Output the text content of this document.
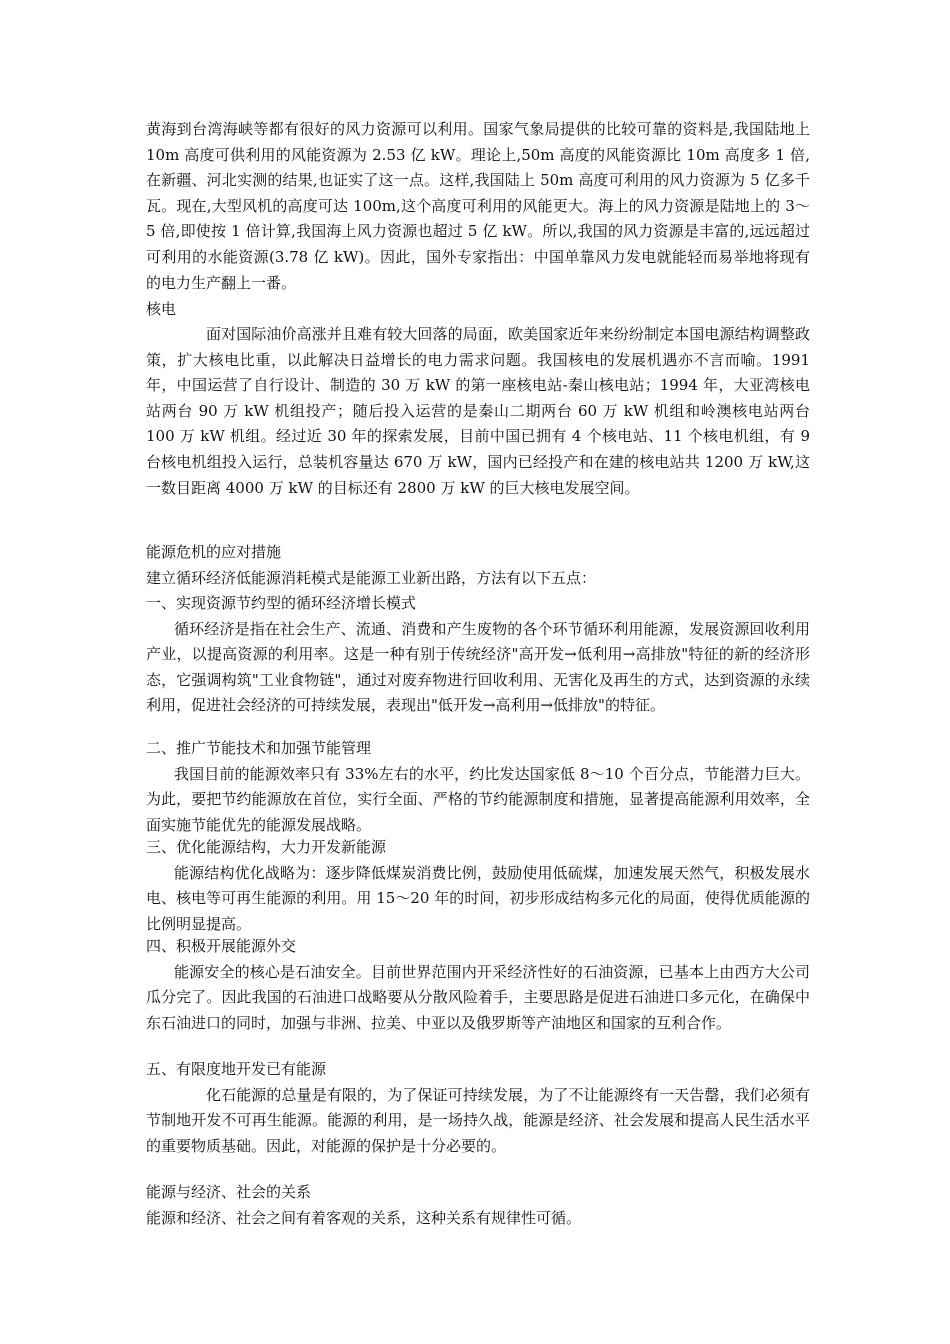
黄海到台湾海峡等都有很好的风力资源可以利用。国家气象局提供的比较可靠的资料是,我国陆地上 10m 高度可供利用的风能资源为 2.53 亿 kW。理论上,50m 高度的风能资源比 10m 高度多 1 倍,在新疆、河北实测的结果,也证实了这一点。这样,我国陆上 50m 高度可利用的风力资源为 5 亿多千瓦。现在,大型风机的高度可达 100m,这个高度可利用的风能更大。海上的风力资源是陆地上的 3～5 倍,即使按 1 倍计算,我国海上风力资源也超过 5 亿 kW。所以,我国的风力资源是丰富的,远远超过可利用的水能资源(3.78 亿 kW)。因此，国外专家指出：中国单靠风力发电就能轻而易举地将现有的电力生产翻上一番。

核电

面对国际油价高涨并且难有较大回落的局面，欧美国家近年来纷纷制定本国电源结构调整政策，扩大核电比重，以此解决日益增长的电力需求问题。我国核电的发展机遇亦不言而喻。1991 年，中国运营了自行设计、制造的 30 万 kW 的第一座核电站-秦山核电站；1994 年，大亚湾核电站两台 90 万 kW 机组投产；随后投入运营的是秦山二期两台 60 万 kW 机组和岭澳核电站两台 100 万 kW 机组。经过近 30 年的探索发展，目前中国已拥有 4 个核电站、11 个核电机组，有 9 台核电机组投入运行，总装机容量达 670 万 kW，国内已经投产和在建的核电站共 1200 万 kW,这一数目距离 4000 万 kW 的目标还有 2800 万 kW 的巨大核电发展空间。

能源危机的应对措施

建立循环经济低能源消耗模式是能源工业新出路，方法有以下五点：

一、实现资源节约型的循环经济增长模式

循环经济是指在社会生产、流通、消费和产生废物的各个环节循环利用能源，发展资源回收利用产业，以提高资源的利用率。这是一种有别于传统经济"高开发→低利用→高排放"特征的新的经济形态，它强调构筑"工业食物链"，通过对废弃物进行回收利用、无害化及再生的方式，达到资源的永续利用，促进社会经济的可持续发展，表现出"低开发→高利用→低排放"的特征。

二、推广节能技术和加强节能管理

我国目前的能源效率只有 33%左右的水平，约比发达国家低 8～10 个百分点，节能潜力巨大。为此，要把节约能源放在首位，实行全面、严格的节约能源制度和措施，显著提高能源利用效率，全面实施节能优先的能源发展战略。

三、优化能源结构，大力开发新能源

能源结构优化战略为：逐步降低煤炭消费比例，鼓励使用低硫煤，加速发展天然气，积极发展水电、核电等可再生能源的利用。用 15～20 年的时间，初步形成结构多元化的局面，使得优质能源的比例明显提高。

四、积极开展能源外交

能源安全的核心是石油安全。目前世界范围内开采经济性好的石油资源，已基本上由西方大公司瓜分完了。因此我国的石油进口战略要从分散风险着手，主要思路是促进石油进口多元化，在确保中东石油进口的同时，加强与非洲、拉美、中亚以及俄罗斯等产油地区和国家的互利合作。

五、有限度地开发已有能源

化石能源的总量是有限的，为了保证可持续发展，为了不让能源终有一天告罄，我们必须有节制地开发不可再生能源。能源的利用，是一场持久战，能源是经济、社会发展和提高人民生活水平的重要物质基础。因此，对能源的保护是十分必要的。

能源与经济、社会的关系

能源和经济、社会之间有着客观的关系，这种关系有规律性可循。
